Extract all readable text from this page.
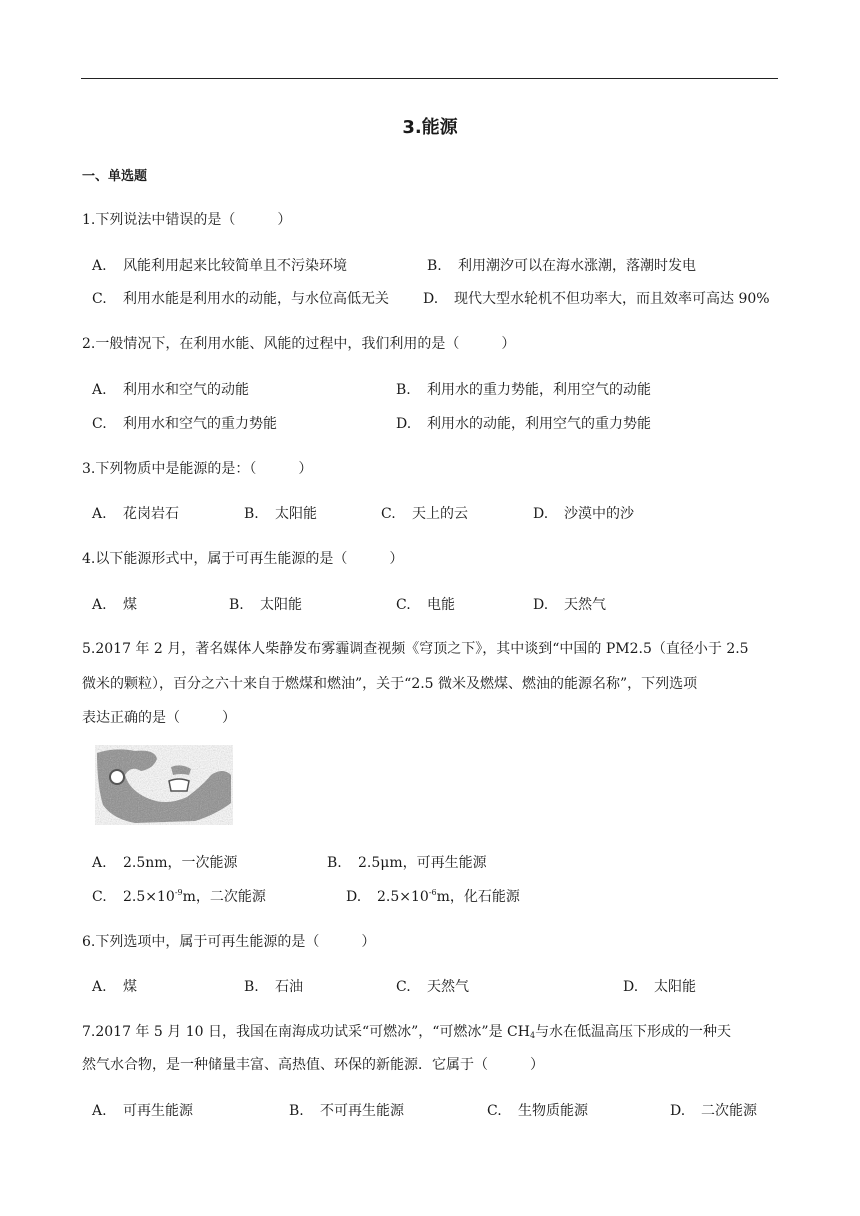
3.能源
一、单选题
1.下列说法中错误的是（　　　）
A. 风能利用起来比较简单且不污染环境	B. 利用潮汐可以在海水涨潮，落潮时发电
C. 利用水能是利用水的动能，与水位高低无关 D. 现代大型水轮机不但功率大，而且效率可高达 90%
2.一般情况下，在利用水能、风能的过程中，我们利用的是（　　　）
A. 利用水和空气的动能	B. 利用水的重力势能，利用空气的动能
C. 利用水和空气的重力势能	D. 利用水的动能，利用空气的重力势能
3.下列物质中是能源的是：（　　　）
A. 花岗岩石	B. 太阳能	C. 天上的云	D. 沙漠中的沙
4.以下能源形式中，属于可再生能源的是（　　　）
A. 煤	B. 太阳能	C. 电能	D. 天然气
5.2017 年 2 月，著名媒体人柴静发布雾霾调查视频《穹顶之下》，其中谈到“中国的 PM2.5（直径小于 2.5
微米的颗粒），百分之六十来自于燃煤和燃油”，关于“2.5 微米及燃煤、燃油的能源名称”，下列选项
表达正确的是（　　　）
A. 2.5nm，一次能源	B. 2.5μm，可再生能源
C. $2.5\times 10^{-9}m$，二次能源	D. $2.5\times 10^{-6}m$，化石能源
6.下列选项中，属于可再生能源的是（　　　）
A. 煤	B. 石油	C. 天然气	D. 太阳能
7.2017 年 5 月 10 日，我国在南海成功试采“可燃冰”，“可燃冰”是 $CH_4$与水在低温高压下形成的一种天
然气水合物，是一种储量丰富、高热值、环保的新能源．它属于（　　　）
A. 可再生能源	B. 不可再生能源	C. 生物质能源	D. 二次能源
